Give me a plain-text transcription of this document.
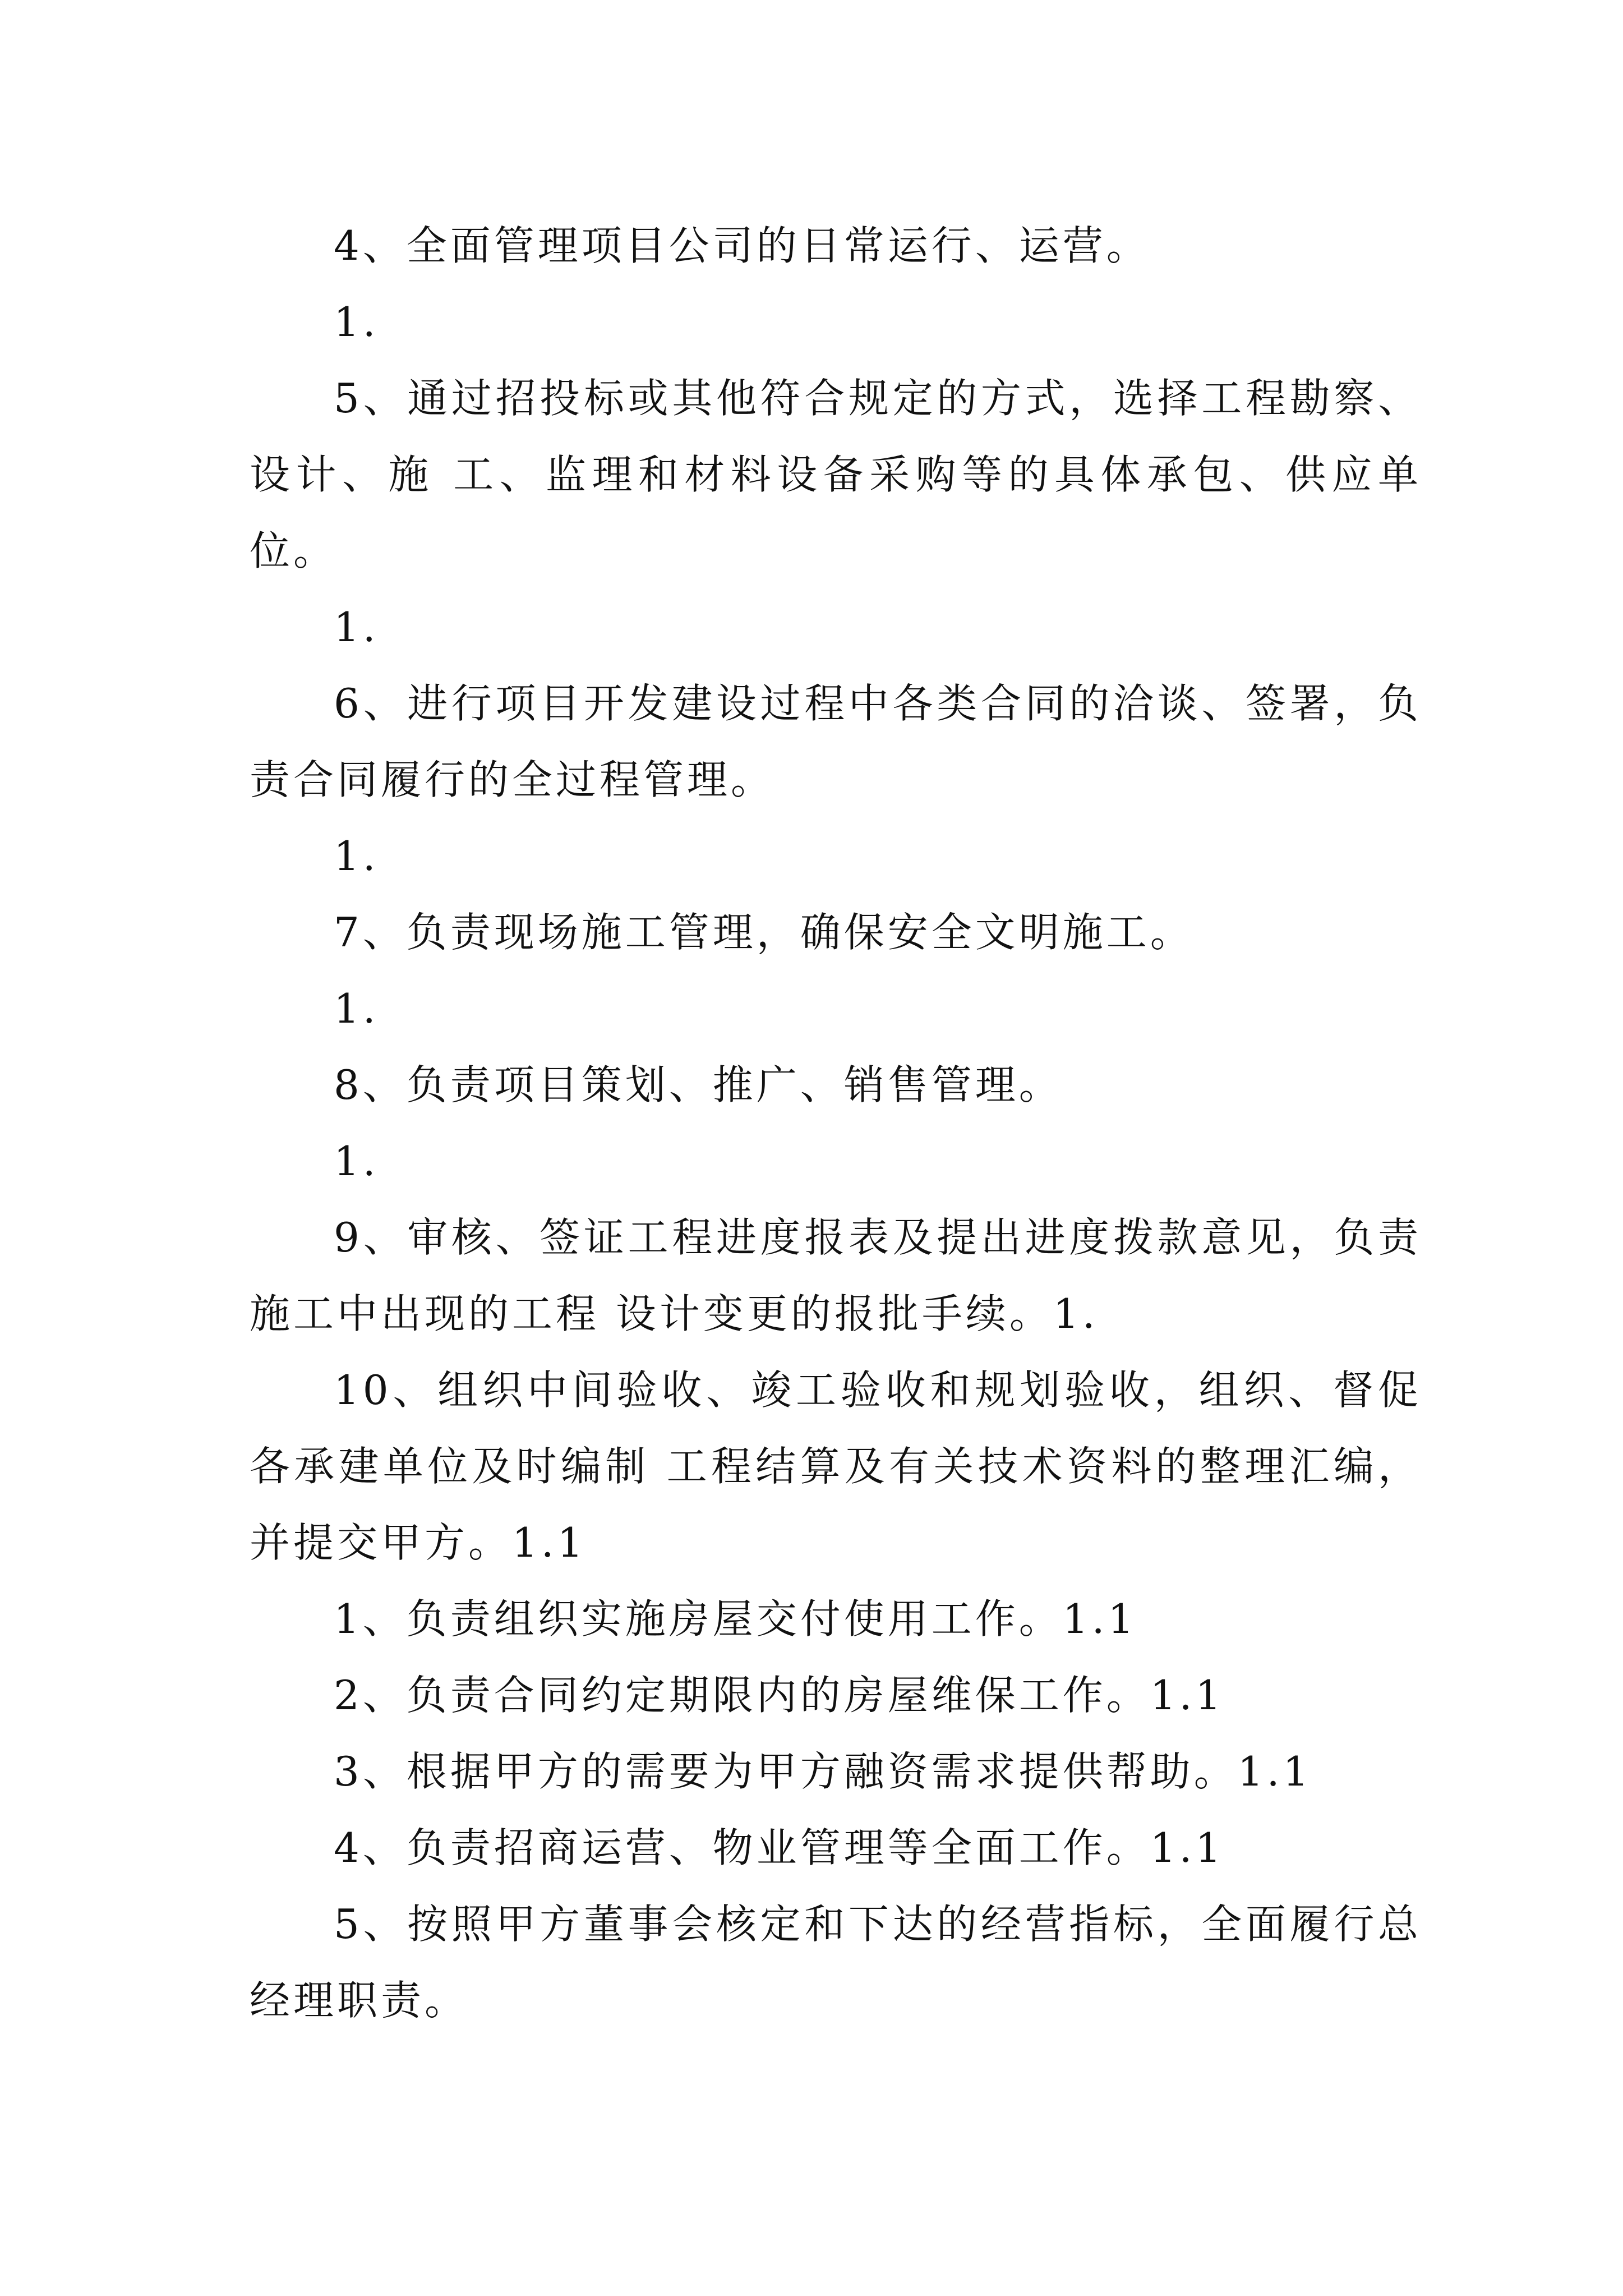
4、全面管理项目公司的日常运行、运营。

1.

5、通过招投标或其他符合规定的方式，选择工程勘察、设计、施 工、监理和材料设备采购等的具体承包、供应单位。

1.

6、进行项目开发建设过程中各类合同的洽谈、签署，负责合同履行的全过程管理。

1.

7、负责现场施工管理，确保安全文明施工。

1.

8、负责项目策划、推广、销售管理。

1.

9、审核、签证工程进度报表及提出进度拨款意见，负责施工中出现的工程 设计变更的报批手续。1.

10、组织中间验收、竣工验收和规划验收，组织、督促各承建单位及时编制 工程结算及有关技术资料的整理汇编，并提交甲方。1.1

1、负责组织实施房屋交付使用工作。1.1

2、负责合同约定期限内的房屋维保工作。1.1

3、根据甲方的需要为甲方融资需求提供帮助。1.1

4、负责招商运营、物业管理等全面工作。1.1

5、按照甲方董事会核定和下达的经营指标，全面履行总经理职责。
